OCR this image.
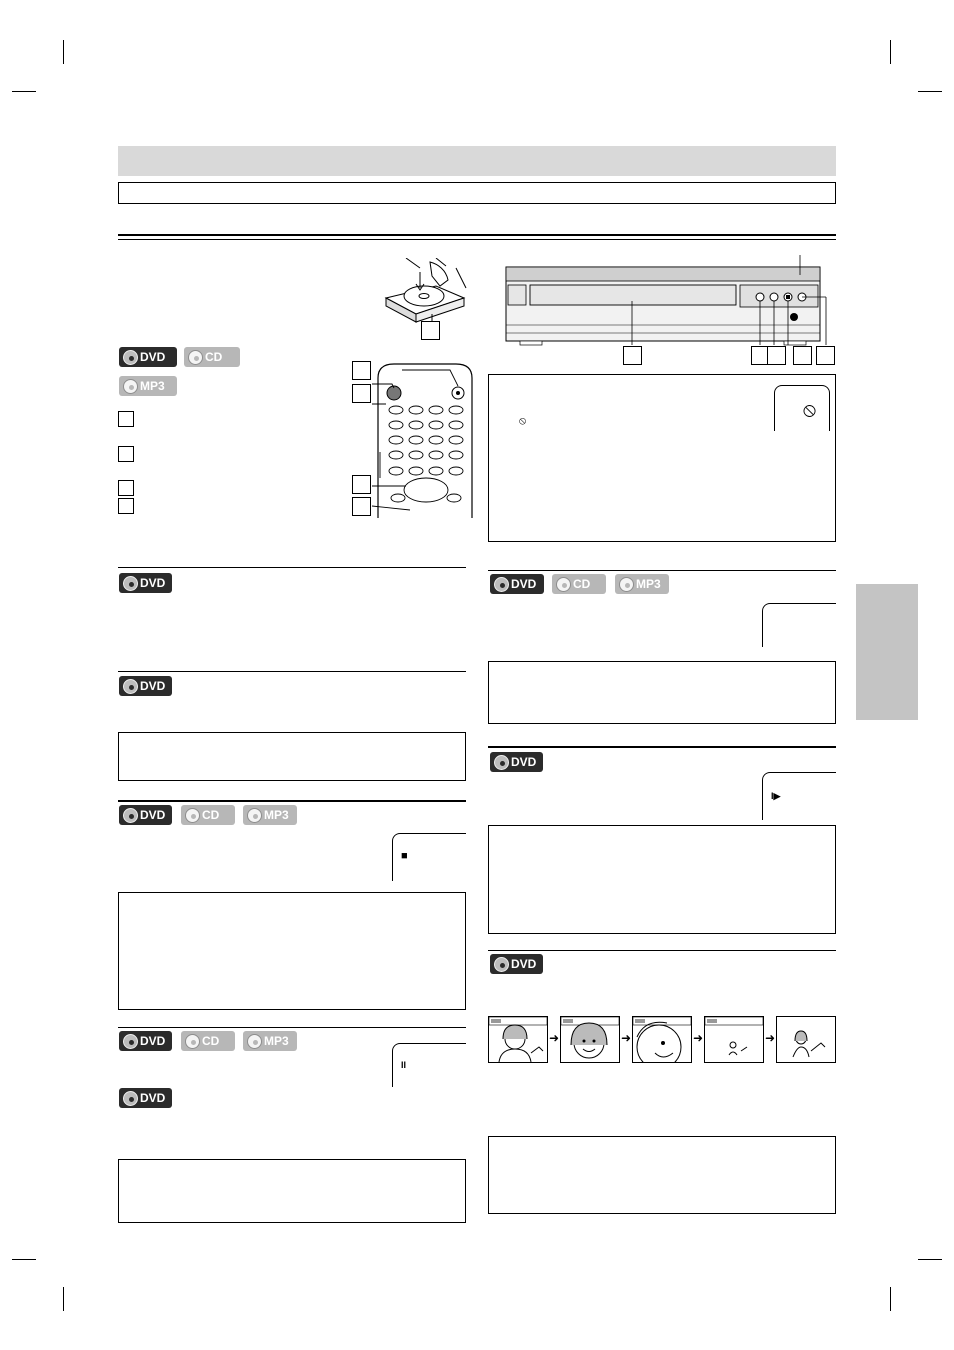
DVD	CD
MP3
DVD
DVD
DVD	CD	MP3
■
DVD	CD	MP3
II
DVD
⦸
⦸
DVD	CD	MP3
DVD
I▶
DVD
➜	➜	➜	➜
